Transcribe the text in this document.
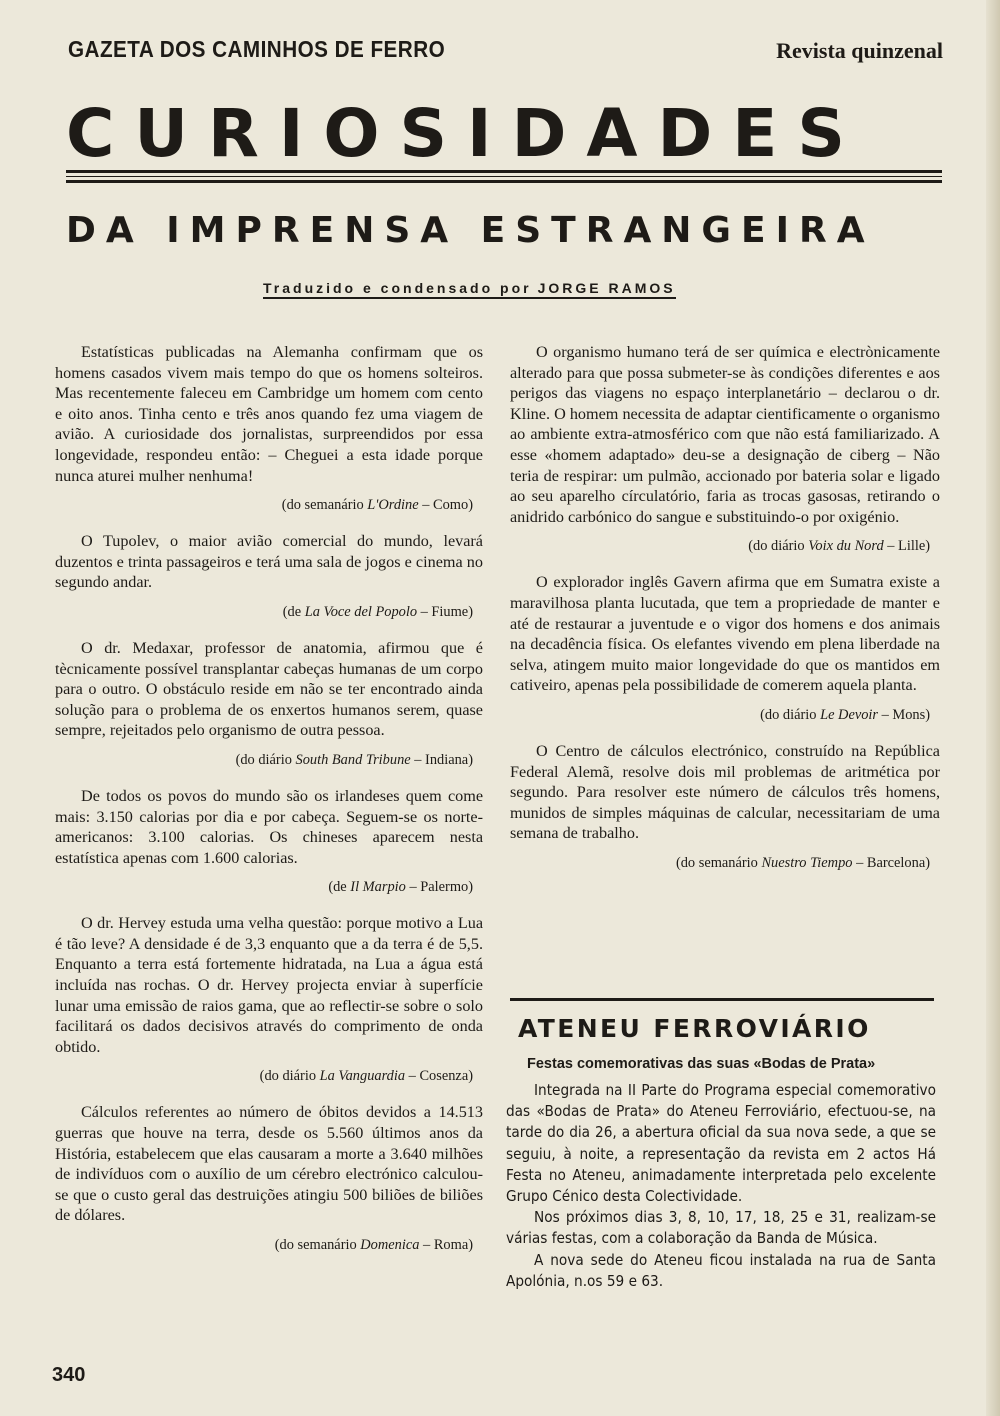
GAZETA DOS CAMINHOS DE FERRO	Revista quinzenal
CURIOSIDADES
DA IMPRENSA ESTRANGEIRA
Traduzido e condensado por JORGE RAMOS

Estatísticas publicadas na Alemanha confirmam que os homens casados vivem mais tempo do que os homens solteiros. Mas recentemente faleceu em Cambridge um homem com cento e oito anos. Tinha cento e três anos quando fez uma viagem de avião. A curiosidade dos jornalistas, surpreendidos por essa longevidade, respondeu então: – Cheguei a esta idade porque nunca aturei mulher nenhuma!

(do semanário L'Ordine – Como)

O Tupolev, o maior avião comercial do mundo, levará duzentos e trinta passageiros e terá uma sala de jogos e cinema no segundo andar.

(de La Voce del Popolo – Fiume)

O dr. Medaxar, professor de anatomia, afirmou que é tècnicamente possível transplantar cabeças humanas de um corpo para o outro. O obstáculo reside em não se ter encontrado ainda solução para o problema de os enxertos humanos serem, quase sempre, rejeitados pelo organismo de outra pessoa.

(do diário South Band Tribune – Indiana)

De todos os povos do mundo são os irlandeses quem come mais: 3.150 calorias por dia e por cabeça. Seguem-se os norte-americanos: 3.100 calorias. Os chineses aparecem nesta estatística apenas com 1.600 calorias.

(de Il Marpio – Palermo)

O dr. Hervey estuda uma velha questão: porque motivo a Lua é tão leve? A densidade é de 3,3 enquanto que a da terra é de 5,5. Enquanto a terra está fortemente hidratada, na Lua a água está incluída nas rochas. O dr. Hervey projecta enviar à superfície lunar uma emissão de raios gama, que ao reflectir-se sobre o solo facilitará os dados decisivos através do comprimento de onda obtido.

(do diário La Vanguardia – Cosenza)

Cálculos referentes ao número de óbitos devidos a 14.513 guerras que houve na terra, desde os 5.560 últimos anos da História, estabelecem que elas causaram a morte a 3.640 milhões de indivíduos com o auxílio de um cérebro electrónico calculou-se que o custo geral das destruições atingiu 500 biliões de biliões de dólares.

(do semanário Domenica – Roma)

O organismo humano terá de ser química e electrònicamente alterado para que possa submeter-se às condições diferentes e aos perigos das viagens no espaço interplanetário – declarou o dr. Kline. O homem necessita de adaptar cientificamente o organismo ao ambiente extra-atmosférico com que não está familiarizado. A esse «homem adaptado» deu-se a designação de ciberg – Não teria de respirar: um pulmão, accionado por bateria solar e ligado ao seu aparelho círculatório, faria as trocas gasosas, retirando o anidrido carbónico do sangue e substituindo-o por oxigénio.

(do diário Voix du Nord – Lille)

O explorador inglês Gavern afirma que em Sumatra existe a maravilhosa planta lucutada, que tem a propriedade de manter e até de restaurar a juventude e o vigor dos homens e dos animais na decadência física. Os elefantes vivendo em plena liberdade na selva, atingem muito maior longevidade do que os mantidos em cativeiro, apenas pela possibilidade de comerem aquela planta.

(do diário Le Devoir – Mons)

O Centro de cálculos electrónico, construído na República Federal Alemã, resolve dois mil problemas de aritmética por segundo. Para resolver este número de cálculos três homens, munidos de simples máquinas de calcular, necessitariam de uma semana de trabalho.

(do semanário Nuestro Tiempo – Barcelona)
ATENEU FERROVIÁRIO
Festas comemorativas das suas «Bodas de Prata»

Integrada na II Parte do Programa especial comemorativo das «Bodas de Prata» do Ateneu Ferroviário, efectuou-se, na tarde do dia 26, a abertura oficial da sua nova sede, a que se seguiu, à noite, a representação da revista em 2 actos Há Festa no Ateneu, animadamente interpretada pelo excelente Grupo Cénico desta Colectividade.

Nos próximos dias 3, 8, 10, 17, 18, 25 e 31, realizam-se várias festas, com a colaboração da Banda de Música.

A nova sede do Ateneu ficou instalada na rua de Santa Apolónia, n.os 59 e 63.

340
